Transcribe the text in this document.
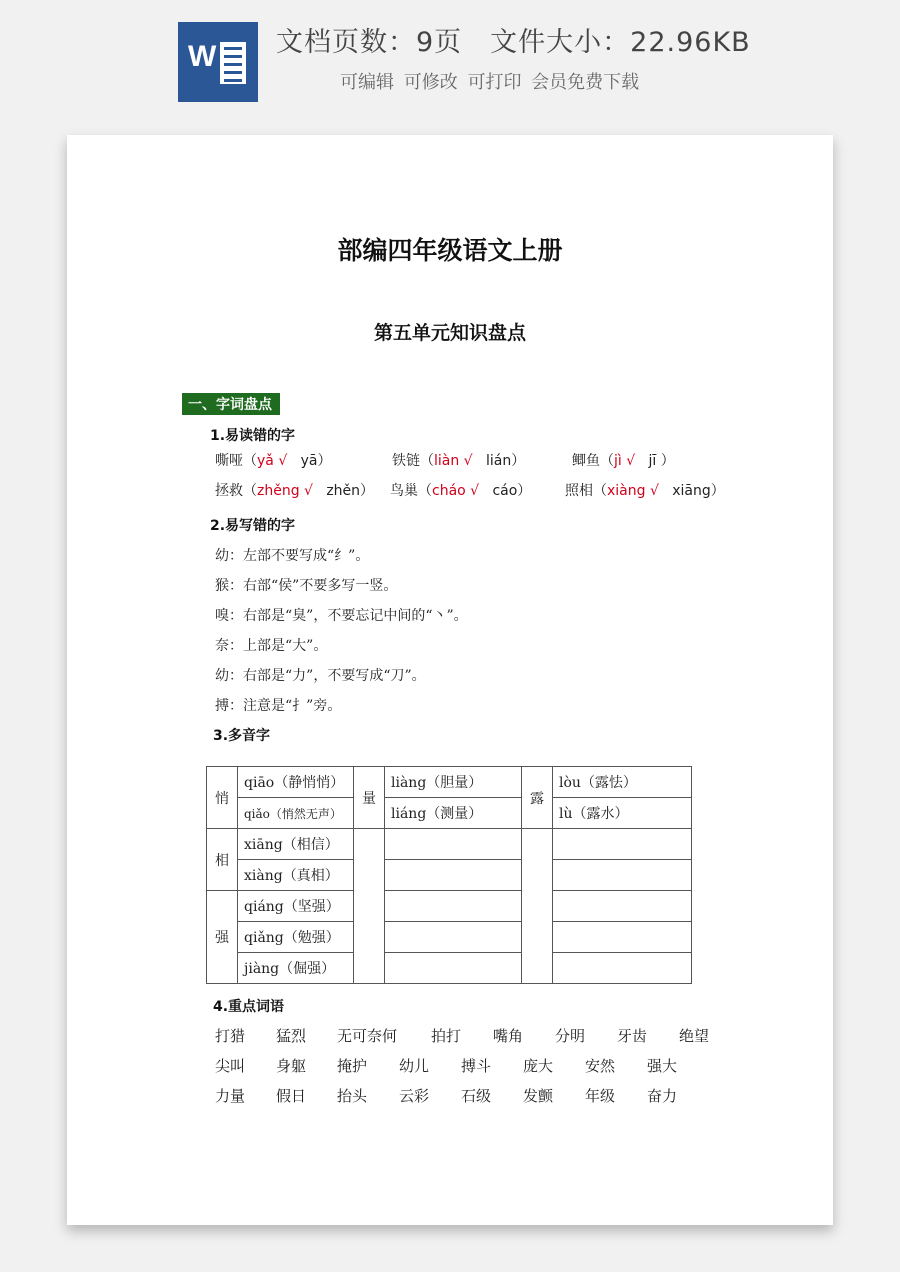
W 文档页数：9页　文件大小：22.96KB
可编辑 可修改 可打印 会员免费下载
部编四年级语文上册
第五单元知识盘点
一、字词盘点
1.易读错的字
嘶哑（yǎ √ yā）	铁链（liàn √ lián）	鲫鱼（jì √ jī ）
拯救（zhěng √ zhěn） 鸟巢（cháo √ cáo） 照相（xiàng √ xiāng）
2.易写错的字
幼：左部不要写成“纟”。
猴：右部“侯”不要多写一竖。
嗅：右部是“臭”，不要忘记中间的“丶”。
奈：上部是“大”。
幼：右部是“力”，不要写成“刀”。
搏：注意是“扌”旁。
3.多音字
悄	qiāo（静悄悄）	量	liàng（胆量）	露	lòu（露怯）
	qiǎo（悄然无声）		liáng（测量）		lù（露水）
相	xiāng（相信）				
	xiàng（真相）				
强	qiáng（坚强）				
	qiǎng（勉强）				
	jiàng（倔强）				
4.重点词语
打猎 猛烈 无可奈何 拍打 嘴角 分明 牙齿 绝望
尖叫 身躯 掩护 幼儿 搏斗 庞大 安然 强大
力量 假日 抬头 云彩 石级 发颤 年级 奋力
